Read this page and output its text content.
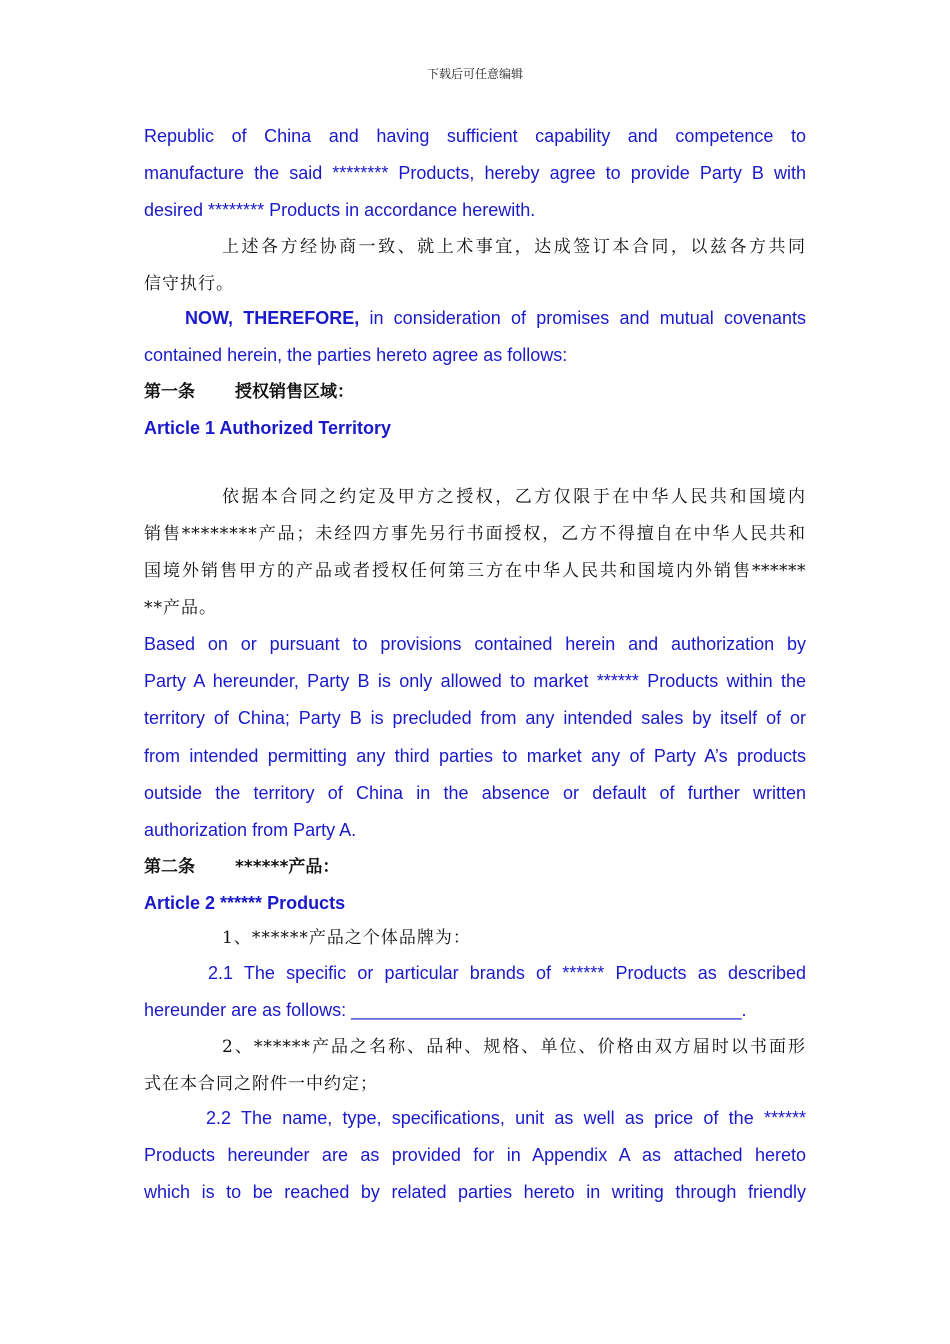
下载后可任意编辑

Republic of China and having sufficient capability and competence to

manufacture the said ******** Products, hereby agree to provide Party B with

desired ******** Products in accordance herewith.

上述各方经协商一致、就上术事宜，达成签订本合同，以兹各方共同

信守执行。

NOW, THEREFORE, in consideration of promises and mutual covenants

contained herein, the parties hereto agree as follows:

第一条 授权销售区域：

Article 1 Authorized Territory

依据本合同之约定及甲方之授权，乙方仅限于在中华人民共和国境内

销售********产品；未经四方事先另行书面授权，乙方不得擅自在中华人民共和

国境外销售甲方的产品或者授权任何第三方在中华人民共和国境内外销售******

**产品。

Based on or pursuant to provisions contained herein and authorization by

Party A hereunder, Party B is only allowed to market ****** Products within the

territory of China; Party B is precluded from any intended sales by itself of or

from intended permitting any third parties to market any of Party A’s products

outside the territory of China in the absence or default of further written

authorization from Party A.

第二条 ******产品：

Article 2 ****** Products

1、******产品之个体品牌为：

2.1 The specific or particular brands of ****** Products as described

hereunder are as follows: _______________________________________.

2、******产品之名称、品种、规格、单位、价格由双方届时以书面形

式在本合同之附件一中约定；

2.2 The name, type, specifications, unit as well as price of the ******

Products hereunder are as provided for in Appendix A as attached hereto

which is to be reached by related parties hereto in writing through friendly
